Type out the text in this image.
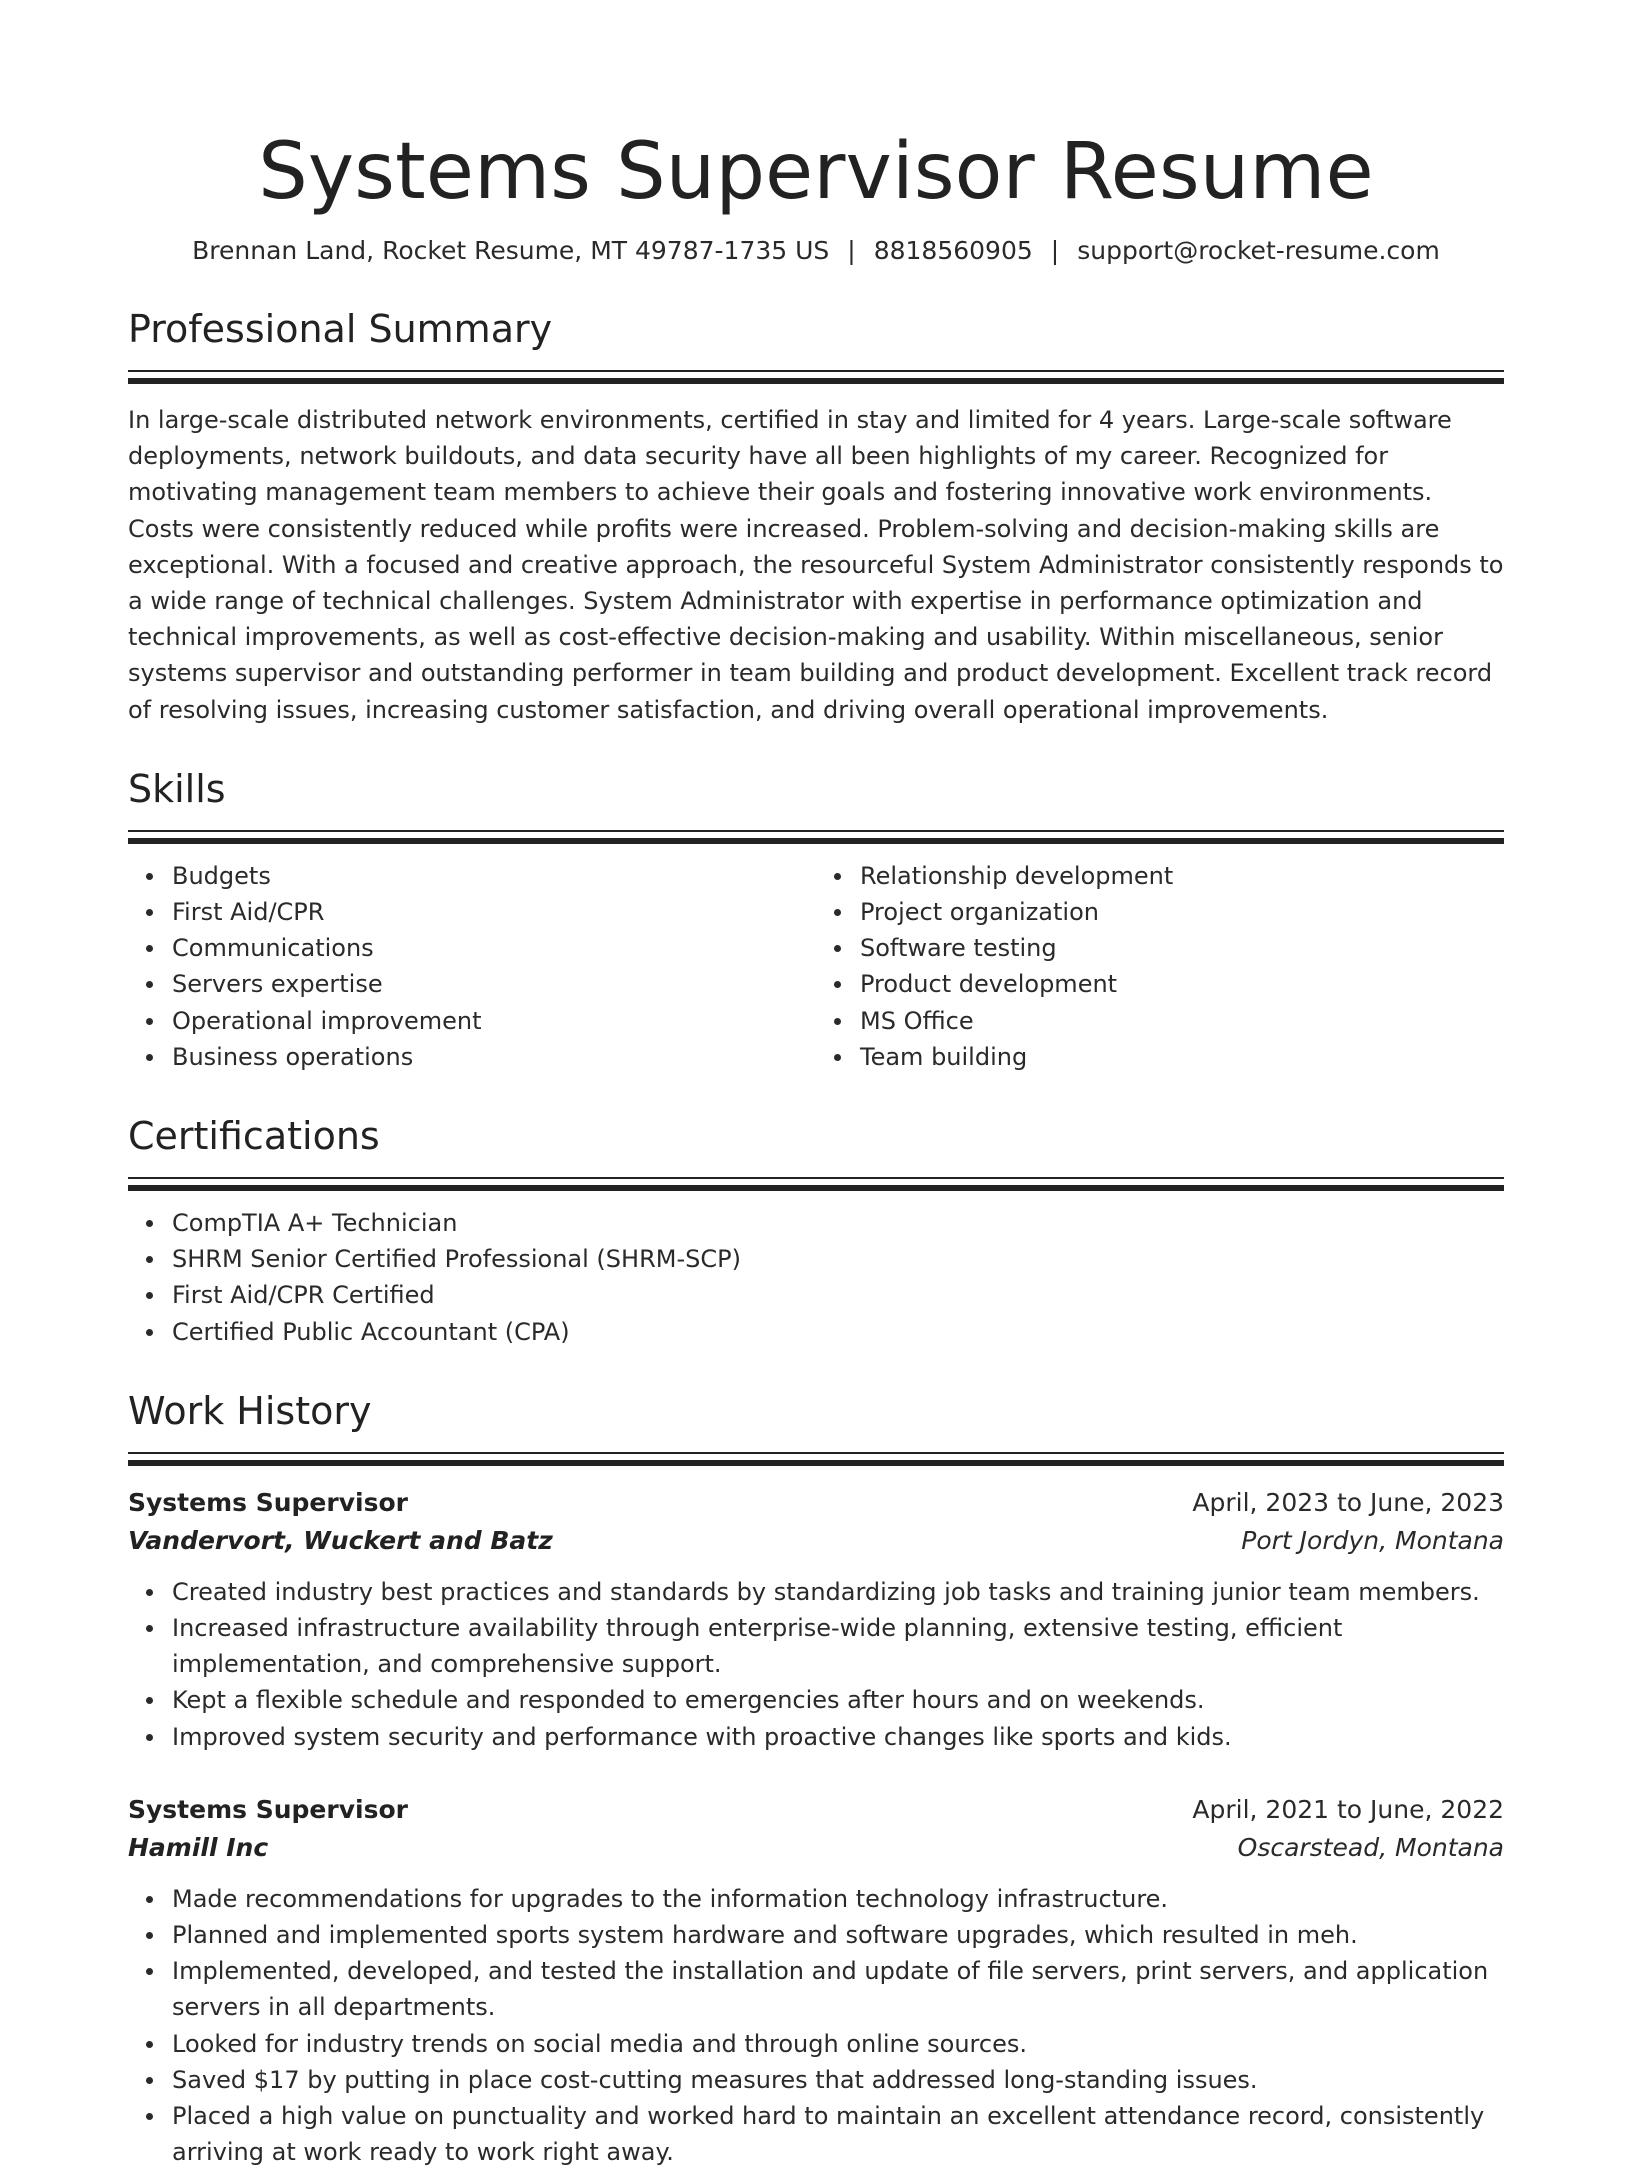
Systems Supervisor Resume
Brennan Land, Rocket Resume, MT 49787-1735 US | 8818560905 | support@rocket-resume.com
Professional Summary

In large-scale distributed network environments, certified in stay and limited for 4 years. Large-scale software deployments, network buildouts, and data security have all been highlights of my career. Recognized for motivating management team members to achieve their goals and fostering innovative work environments. Costs were consistently reduced while profits were increased. Problem-solving and decision-making skills are exceptional. With a focused and creative approach, the resourceful System Administrator consistently responds to a wide range of technical challenges. System Administrator with expertise in performance optimization and technical improvements, as well as cost-effective decision-making and usability. Within miscellaneous, senior systems supervisor and outstanding performer in team building and product development. Excellent track record of resolving issues, increasing customer satisfaction, and driving overall operational improvements.

Skills
Budgets
First Aid/CPR
Communications
Servers expertise
Operational improvement
Business operations
Relationship development
Project organization
Software testing
Product development
MS Office
Team building
Certifications
CompTIA A+ Technician
SHRM Senior Certified Professional (SHRM-SCP)
First Aid/CPR Certified
Certified Public Accountant (CPA)
Work History
Systems Supervisor	April, 2023 to June, 2023
Vandervort, Wuckert and Batz	Port Jordyn, Montana
Created industry best practices and standards by standardizing job tasks and training junior team members.
Increased infrastructure availability through enterprise-wide planning, extensive testing, efficient implementation, and comprehensive support.
Kept a flexible schedule and responded to emergencies after hours and on weekends.
Improved system security and performance with proactive changes like sports and kids.
Systems Supervisor	April, 2021 to June, 2022
Hamill Inc	Oscarstead, Montana
Made recommendations for upgrades to the information technology infrastructure.
Planned and implemented sports system hardware and software upgrades, which resulted in meh.
Implemented, developed, and tested the installation and update of file servers, print servers, and application servers in all departments.
Looked for industry trends on social media and through online sources.
Saved $17 by putting in place cost-cutting measures that addressed long-standing issues.
Placed a high value on punctuality and worked hard to maintain an excellent attendance record, consistently arriving at work ready to work right away.
